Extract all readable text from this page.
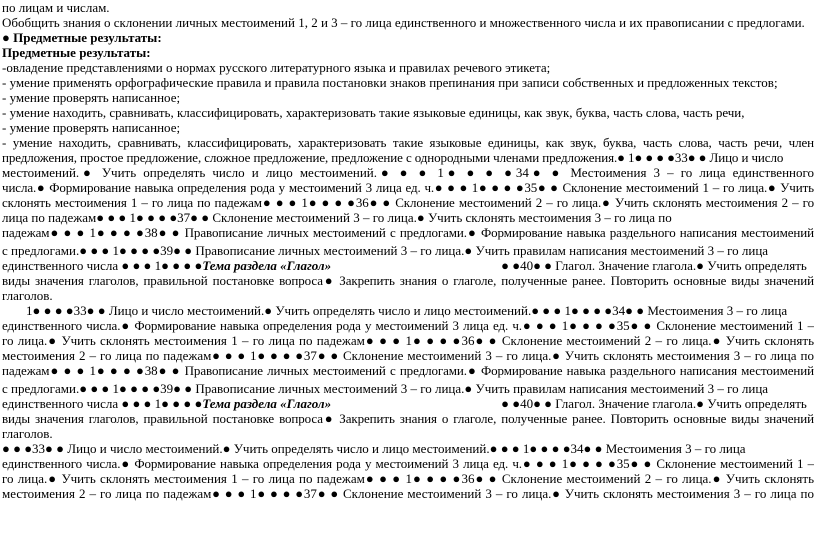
по лицам и числам.
Обобщить знания о склонении личных местоимений 1, 2 и 3 – го лица единственного и множественного числа и их правописании с предлогами.
● Предметные результаты:
Предметные результаты:
-овладение представлениями о нормах русского литературного языка и правилах речевого этикета;
- умение применять орфографические правила и правила постановки знаков препинания при записи собственных и предложенных текстов;
- умение проверять написанное;
- умение находить, сравнивать, классифицировать, характеризовать такие языковые единицы, как звук, буква, часть слова, часть речи,
- умение проверять написанное;
- умение находить, сравнивать, классифицировать, характеризовать такие языковые единицы, как звук, буква, часть слова, часть речи, член
предложения, простое предложение, сложное предложение, предложение с однородными членами предложения.● 1● ● ● ●33● ● Лицо и число
местоимений.● Учить определять число и лицо местоимений.● ● ● 1● ● ● ●34● ● Местоимения 3 – го лица единственного
числа.● Формирование навыка определения рода у местоимений 3 лица ед. ч.● ● ● 1● ● ● ●35● ● Склонение местоимений 1 – го лица.● Учить
склонять местоимения 1 – го лица по падежам● ● ● 1● ● ● ●36● ● Склонение местоимений 2 – го лица.● Учить склонять местоимения 2 – го
лица по падежам● ● ● 1● ● ● ●37● ● Склонение местоимений 3 – го лица.● Учить склонять местоимения 3 – го лица по
падежам● ● ● 1● ● ● ●38● ● Правописание личных местоимений с предлогами.● Формирование навыка раздельного написания местоимений
с предлогами.● ● ● 1● ● ● ●39● ● Правописание личных местоимений 3 – го лица.● Учить правилам написания местоимений 3 – го лица
единственного числа ● ● ● 1● ● ● ●Тема раздела «Глагол»	● ●40● ● Глагол. Значение глагола.● Учить определять
виды значения глаголов, правильной постановке вопроса● Закрепить знания о глаголе, полученные ранее. Повторить основные виды значений
глаголов.
1● ● ● ●33● ● Лицо и число местоимений.● Учить определять число и лицо местоимений.● ● ● 1● ● ● ●34● ● Местоимения 3 – го лица
единственного числа.● Формирование навыка определения рода у местоимений 3 лица ед. ч.● ● ● 1● ● ● ●35● ● Склонение местоимений 1 –
го лица.● Учить склонять местоимения 1 – го лица по падежам● ● ● 1● ● ● ●36● ● Склонение местоимений 2 – го лица.● Учить склонять
местоимения 2 – го лица по падежам● ● ● 1● ● ● ●37● ● Склонение местоимений 3 – го лица.● Учить склонять местоимения 3 – го лица по
падежам● ● ● 1● ● ● ●38● ● Правописание личных местоимений с предлогами.● Формирование навыка раздельного написания местоимений
с предлогами.● ● ● 1● ● ● ●39● ● Правописание личных местоимений 3 – го лица.● Учить правилам написания местоимений 3 – го лица
единственного числа ● ● ● 1● ● ● ●Тема раздела «Глагол»	● ●40● ● Глагол. Значение глагола.● Учить определять
виды значения глаголов, правильной постановке вопроса● Закрепить знания о глаголе, полученные ранее. Повторить основные виды значений
глаголов.
● ● ●33● ● Лицо и число местоимений.● Учить определять число и лицо местоимений.● ● ● 1● ● ● ●34● ● Местоимения 3 – го лица
единственного числа.● Формирование навыка определения рода у местоимений 3 лица ед. ч.● ● ● 1● ● ● ●35● ● Склонение местоимений 1 –
го лица.● Учить склонять местоимения 1 – го лица по падежам● ● ● 1● ● ● ●36● ● Склонение местоимений 2 – го лица.● Учить склонять
местоимения 2 – го лица по падежам● ● ● 1● ● ● ●37● ● Склонение местоимений 3 – го лица.● Учить склонять местоимения 3 – го лица по
